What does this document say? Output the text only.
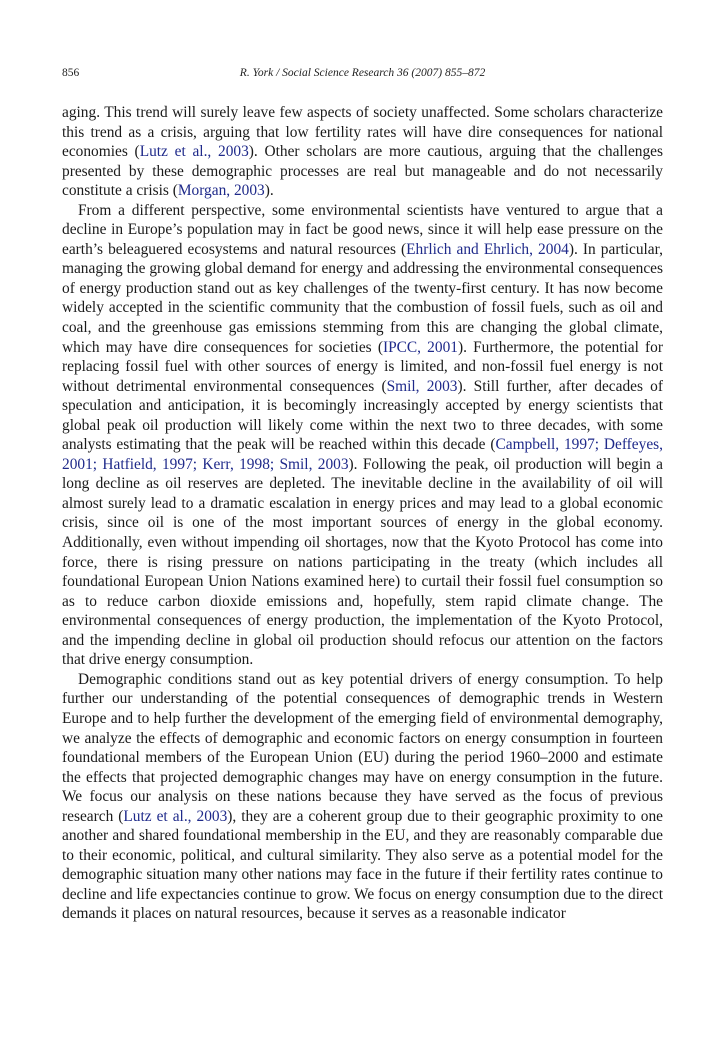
856	R. York / Social Science Research 36 (2007) 855–872

aging. This trend will surely leave few aspects of society unaffected. Some scholars characterize this trend as a crisis, arguing that low fertility rates will have dire consequences for national economies (Lutz et al., 2003). Other scholars are more cautious, arguing that the challenges presented by these demographic processes are real but manageable and do not necessarily constitute a crisis (Morgan, 2003).

From a different perspective, some environmental scientists have ventured to argue that a decline in Europe’s population may in fact be good news, since it will help ease pressure on the earth’s beleaguered ecosystems and natural resources (Ehrlich and Ehrlich, 2004). In particular, managing the growing global demand for energy and addressing the environmental consequences of energy production stand out as key challenges of the twenty-first century. It has now become widely accepted in the scientific community that the combustion of fossil fuels, such as oil and coal, and the greenhouse gas emissions stemming from this are changing the global climate, which may have dire consequences for societies (IPCC, 2001). Furthermore, the potential for replacing fossil fuel with other sources of energy is limited, and non-fossil fuel energy is not without detrimental environmental consequences (Smil, 2003). Still further, after decades of speculation and anticipation, it is becomingly increasingly accepted by energy scientists that global peak oil production will likely come within the next two to three decades, with some analysts estimating that the peak will be reached within this decade (Campbell, 1997; Deffeyes, 2001; Hatfield, 1997; Kerr, 1998; Smil, 2003). Following the peak, oil production will begin a long decline as oil reserves are depleted. The inevitable decline in the availability of oil will almost surely lead to a dramatic escalation in energy prices and may lead to a global economic crisis, since oil is one of the most important sources of energy in the global economy. Additionally, even without impending oil shortages, now that the Kyoto Protocol has come into force, there is rising pressure on nations participating in the treaty (which includes all foundational European Union Nations examined here) to curtail their fossil fuel consumption so as to reduce carbon dioxide emissions and, hopefully, stem rapid climate change. The environmental consequences of energy production, the implementation of the Kyoto Protocol, and the impending decline in global oil production should refocus our attention on the factors that drive energy consumption.

Demographic conditions stand out as key potential drivers of energy consumption. To help further our understanding of the potential consequences of demographic trends in Western Europe and to help further the development of the emerging field of environmental demography, we analyze the effects of demographic and economic factors on energy consumption in fourteen foundational members of the European Union (EU) during the period 1960–2000 and estimate the effects that projected demographic changes may have on energy consumption in the future. We focus our analysis on these nations because they have served as the focus of previous research (Lutz et al., 2003), they are a coherent group due to their geographic proximity to one another and shared foundational membership in the EU, and they are reasonably comparable due to their economic, political, and cultural similarity. They also serve as a potential model for the demographic situation many other nations may face in the future if their fertility rates continue to decline and life expectancies continue to grow. We focus on energy consumption due to the direct demands it places on natural resources, because it serves as a reasonable indicator
